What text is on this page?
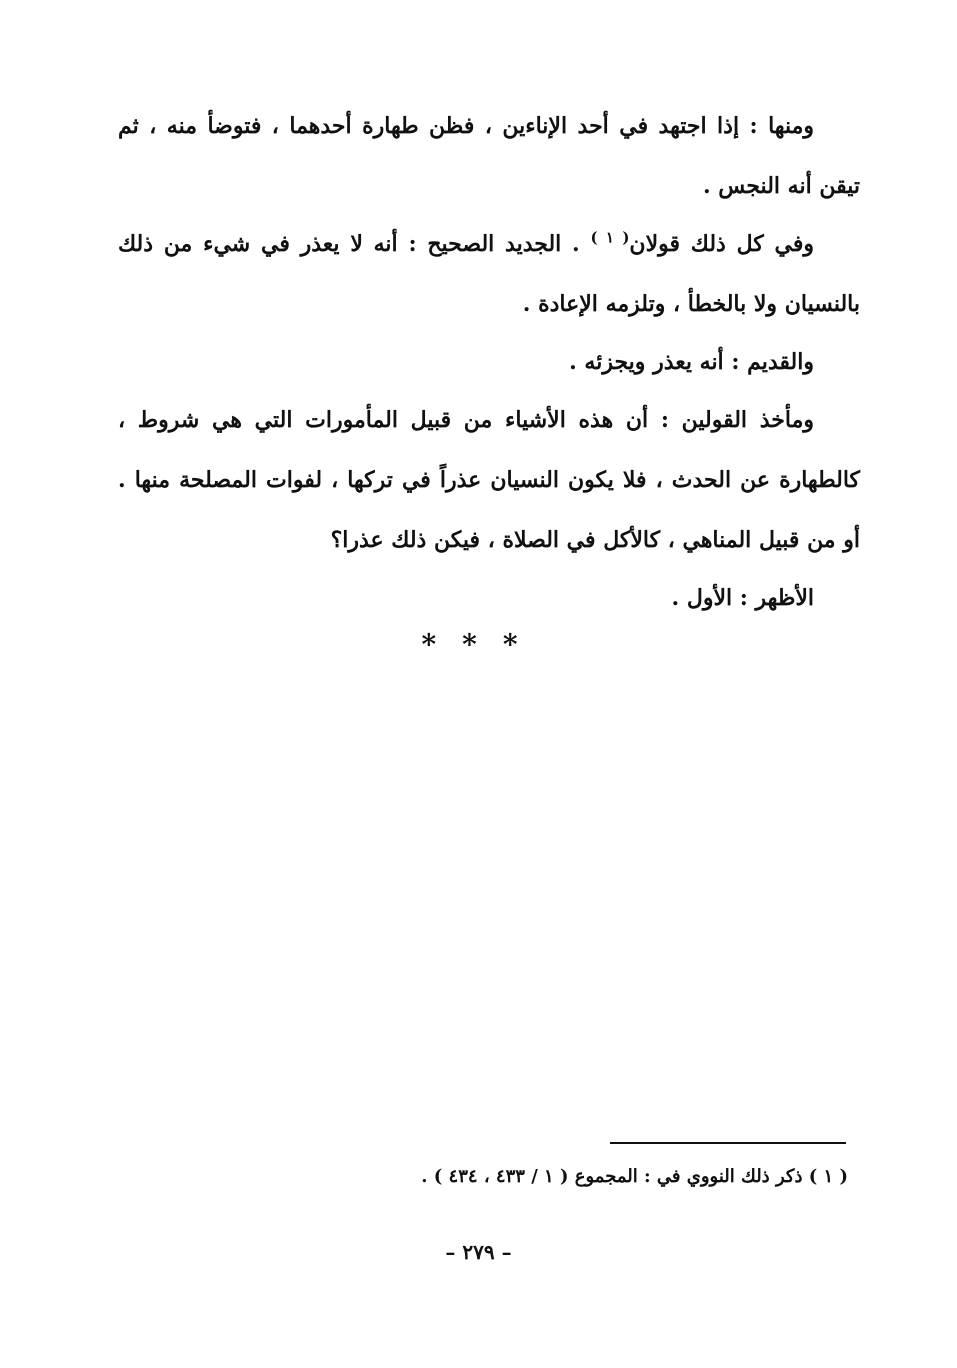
ومنها : إذا اجتهد في أحد الإناءين ، فظن طهارة أحدهما ، فتوضأ منه ، ثم تيقن أنه النجس .

وفي كل ذلك قولان$^{( ١ )}$ . الجديد الصحيح : أنه لا يعذر في شيء من ذلك بالنسيان ولا بالخطأ ، وتلزمه الإعادة .

والقديم : أنه يعذر ويجزئه .

ومأخذ القولين : أن هذه الأشياء من قبيل المأمورات التي هي شروط ، كالطهارة عن الحدث ، فلا يكون النسيان عذراً في تركها ، لفوات المصلحة منها . أو من قبيل المناهي ، كالأكل في الصلاة ، فيكن ذلك عذرا؟

الأظهر : الأول .

* * *
( ١ ) ذكر ذلك النووي في : المجموع ( ١ / ٤٣٣ ، ٤٣٤ ) .
– ٢٧٩ –
